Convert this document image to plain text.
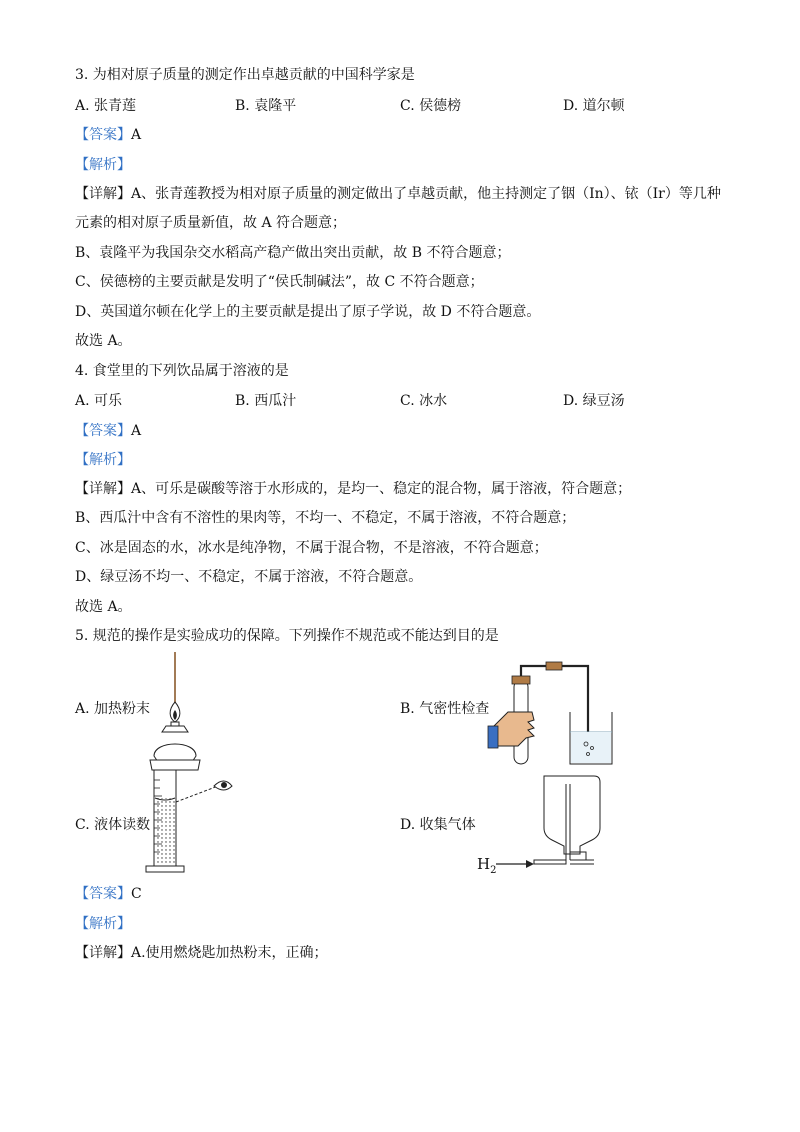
3. 为相对原子质量的测定作出卓越贡献的中国科学家是
A. 张青莲	B. 袁隆平	C. 侯德榜	D. 道尔顿
【答案】A
【解析】
【详解】A、张青莲教授为相对原子质量的测定做出了卓越贡献，他主持测定了铟（In）、铱（Ir）等几种
元素的相对原子质量新值，故 A 符合题意；
B、袁隆平为我国杂交水稻高产稳产做出突出贡献，故 B 不符合题意；
C、侯德榜的主要贡献是发明了“侯氏制碱法”，故 C 不符合题意；
D、英国道尔顿在化学上的主要贡献是提出了原子学说，故 D 不符合题意。
故选 A。
4. 食堂里的下列饮品属于溶液的是
A. 可乐	B. 西瓜汁	C. 冰水	D. 绿豆汤
【答案】A
【解析】
【详解】A、可乐是碳酸等溶于水形成的，是均一、稳定的混合物，属于溶液，符合题意；
B、西瓜汁中含有不溶性的果肉等，不均一、不稳定，不属于溶液，不符合题意；
C、冰是固态的水，冰水是纯净物，不属于混合物，不是溶液，不符合题意；
D、绿豆汤不均一、不稳定，不属于溶液，不符合题意。
故选 A。
5. 规范的操作是实验成功的保障。下列操作不规范或不能达到目的是
A. 加热粉末	B. 气密性检查
C. 液体读数	D. 收集气体
$H_2$
【答案】C
【解析】
【详解】A.使用燃烧匙加热粉末，正确；
